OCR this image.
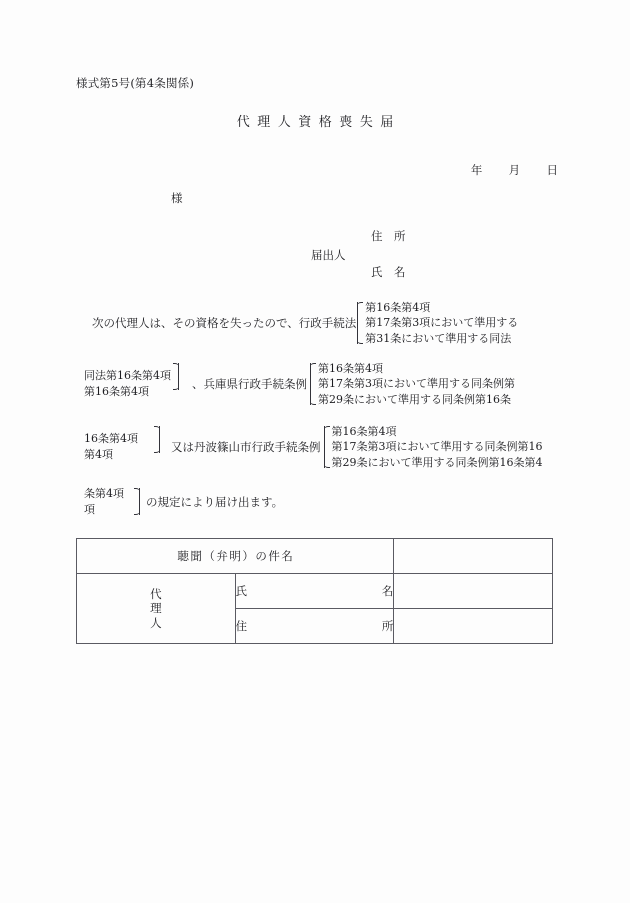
様式第5号(第4条関係)
代理人資格喪失届

年 月 日

様
届出人
住　所
氏　名
次の代理人は、その資格を失ったので、行政手続法
第16条第4項
第17条第3項において準用する
第31条において準用する同法
同法第16条第4項
第16条第4項
、兵庫県行政手続条例
第16条第4項
第17条第3項において準用する同条例第
第29条において準用する同条例第16条
16条第4項
第4項
又は丹波篠山市行政手続条例
第16条第4項
第17条第3項において準用する同条例第16
第29条において準用する同条例第16条第4
条第4項
項
の規定により届け出ます。
聴聞（弁明）の件名		

代
理
人	氏 名	

	住 所	
